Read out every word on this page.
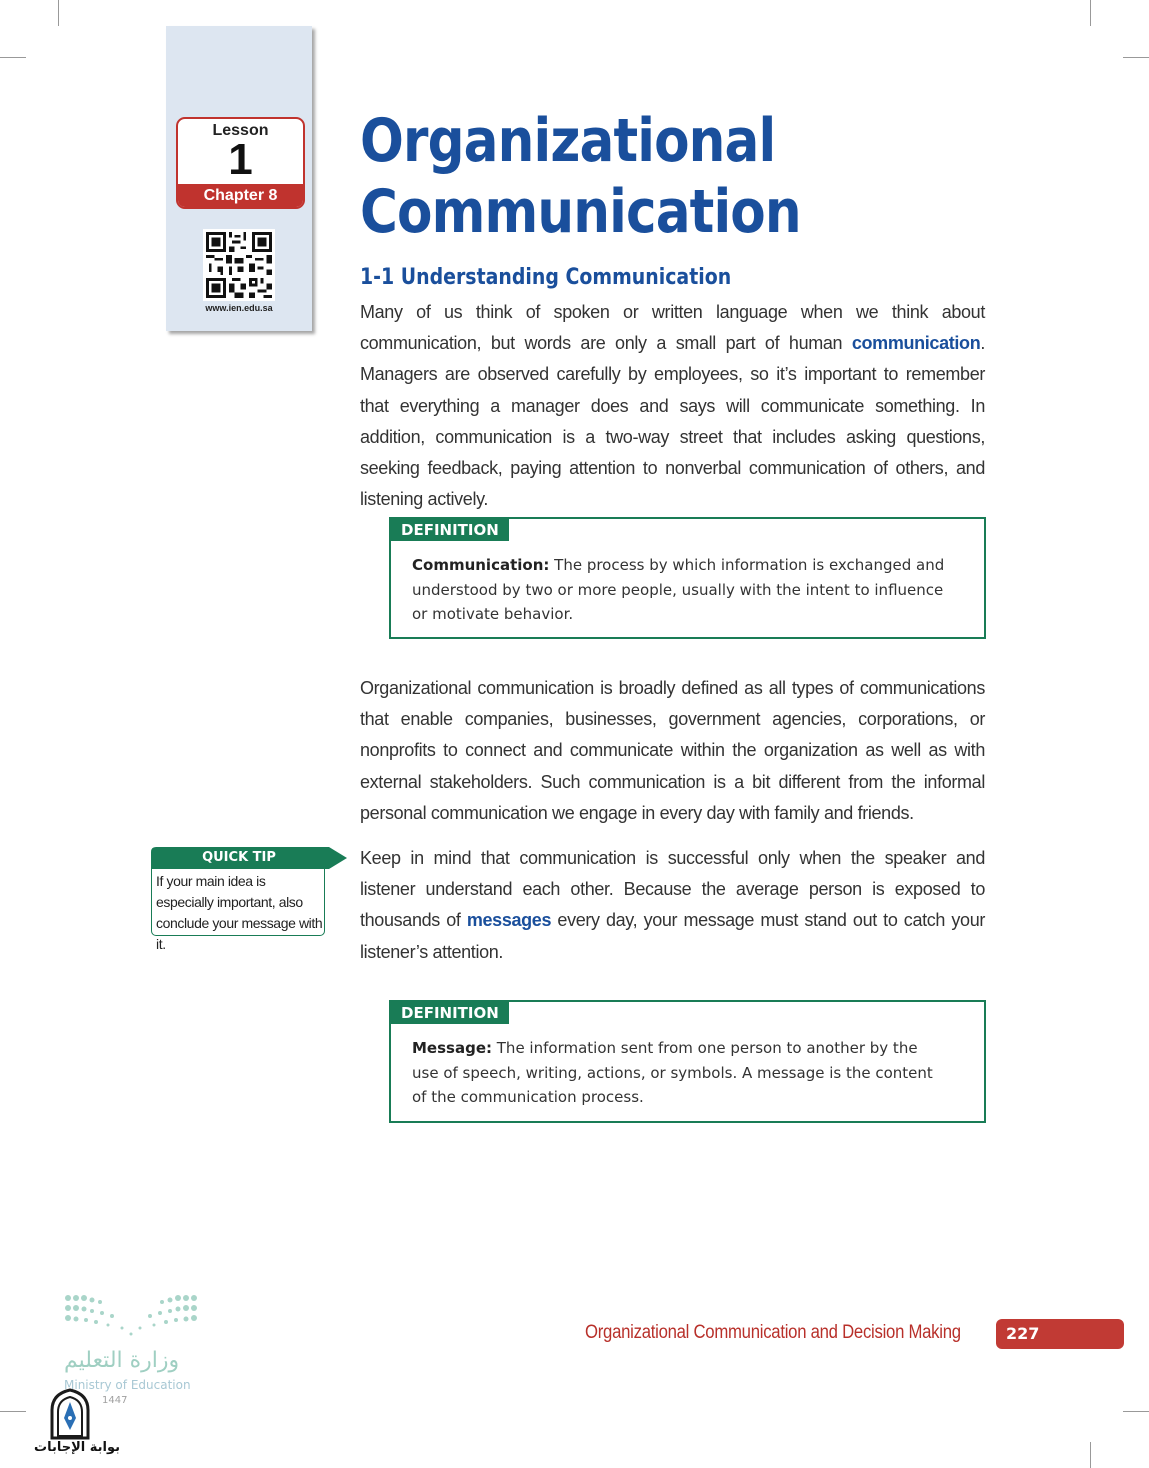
Lesson
1
Chapter 8
www.ien.edu.sa
Organizational
Communication
1-1 Understanding Communication
Many of us think of spoken or written language when we think about communication, but words are only a small part of human communication. Managers are observed carefully by employees, so it’s important to remember that everything a manager does and says will communicate something. In addition, communication is a two-way street that includes asking questions, seeking feedback, paying attention to nonverbal communication of others, and listening actively.
DEFINITION
Communication: The process by which information is exchanged and understood by two or more people, usually with the intent to influence or motivate behavior.
Organizational communication is broadly defined as all types of communications that enable companies, businesses, government agencies, corporations, or nonprofits to connect and communicate within the organization as well as with external stakeholders. Such communication is a bit different from the informal personal communication we engage in every day with family and friends.
QUICK TIP
If your main idea is especially important, also conclude your message with it.
Keep in mind that communication is successful only when the speaker and listener understand each other. Because the average person is exposed to thousands of messages every day, your message must stand out to catch your listener’s attention.
DEFINITION
Message: The information sent from one person to another by the use of speech, writing, actions, or symbols. A message is the content of the communication process.
Organizational Communication and Decision Making	227
وزارة التعليم
Ministry of Education
1447
بوابة الإجابات
